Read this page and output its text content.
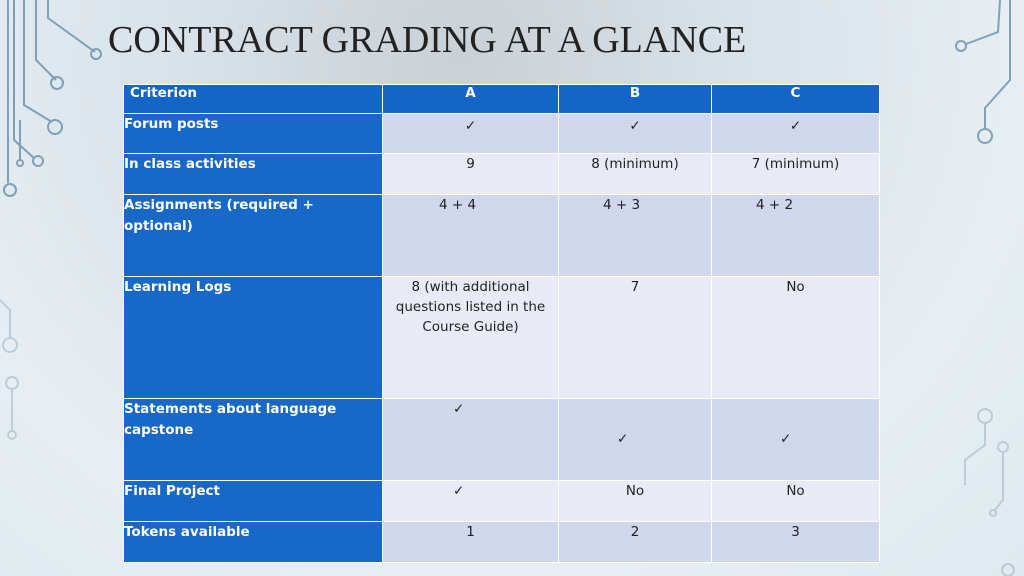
CONTRACT GRADING AT A GLANCE
Criterion	A	B	C
Forum posts	✓	✓	✓
In class activities	9	8 (minimum)	7 (minimum)
Assignments (required + optional)	4 + 4	4 + 3	4 + 2
Learning Logs	8 (with additional questions listed in the Course Guide)	7	No
Statements about language capstone	✓	✓	✓
Final Project	✓	No	No
Tokens available	1	2	3
